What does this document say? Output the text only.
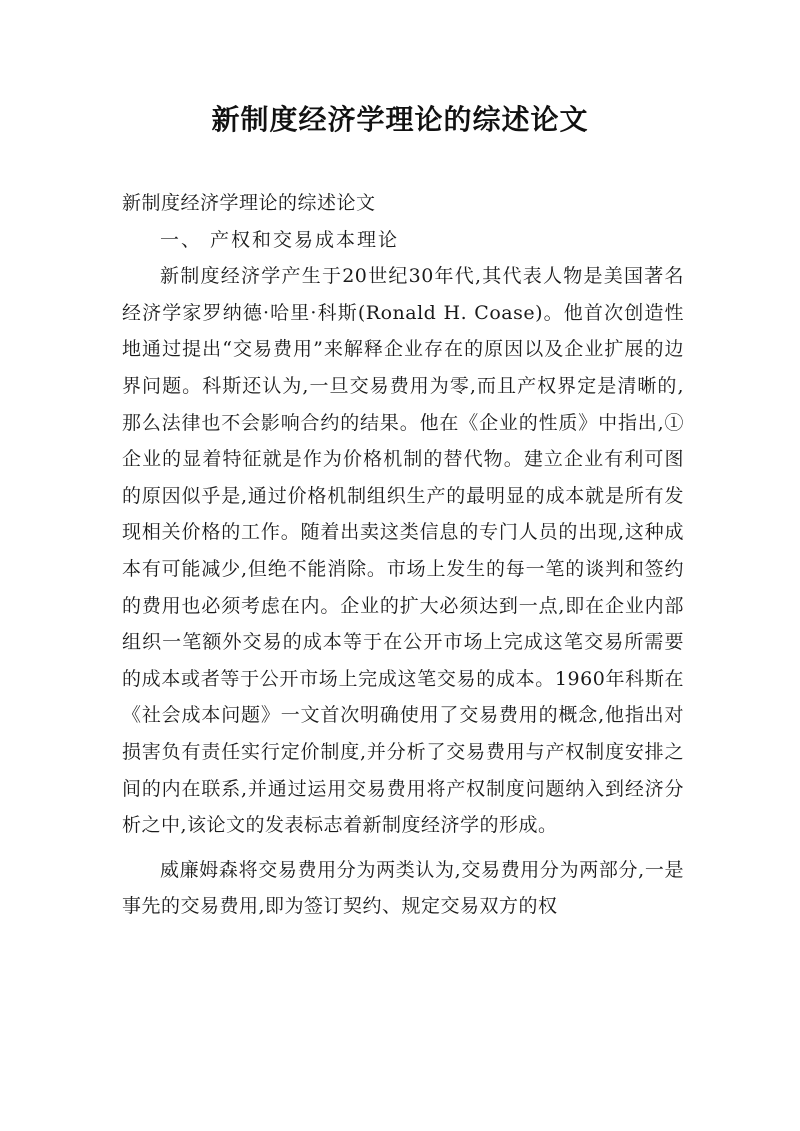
新制度经济学理论的综述论文

新制度经济学理论的综述论文

一、 产权和交易成本理论

新制度经济学产生于20世纪30年代,其代表人物是美国著名经济学家罗纳德·哈里·科斯(Ronald H. Coase)。他首次创造性地通过提出“交易费用”来解释企业存在的原因以及企业扩展的边界问题。科斯还认为,一旦交易费用为零,而且产权界定是清晰的,那么法律也不会影响合约的结果。他在《企业的性质》中指出,①企业的显着特征就是作为价格机制的替代物。建立企业有利可图的原因似乎是,通过价格机制组织生产的最明显的成本就是所有发现相关价格的工作。随着出卖这类信息的专门人员的出现,这种成本有可能减少,但绝不能消除。市场上发生的每一笔的谈判和签约的费用也必须考虑在内。企业的扩大必须达到一点,即在企业内部组织一笔额外交易的成本等于在公开市场上完成这笔交易所需要的成本或者等于公开市场上完成这笔交易的成本。1960年科斯在《社会成本问题》一文首次明确使用了交易费用的概念,他指出对损害负有责任实行定价制度,并分析了交易费用与产权制度安排之间的内在联系,并通过运用交易费用将产权制度问题纳入到经济分析之中,该论文的发表标志着新制度经济学的形成。

威廉姆森将交易费用分为两类认为,交易费用分为两部分,一是事先的交易费用,即为签订契约、规定交易双方的权
